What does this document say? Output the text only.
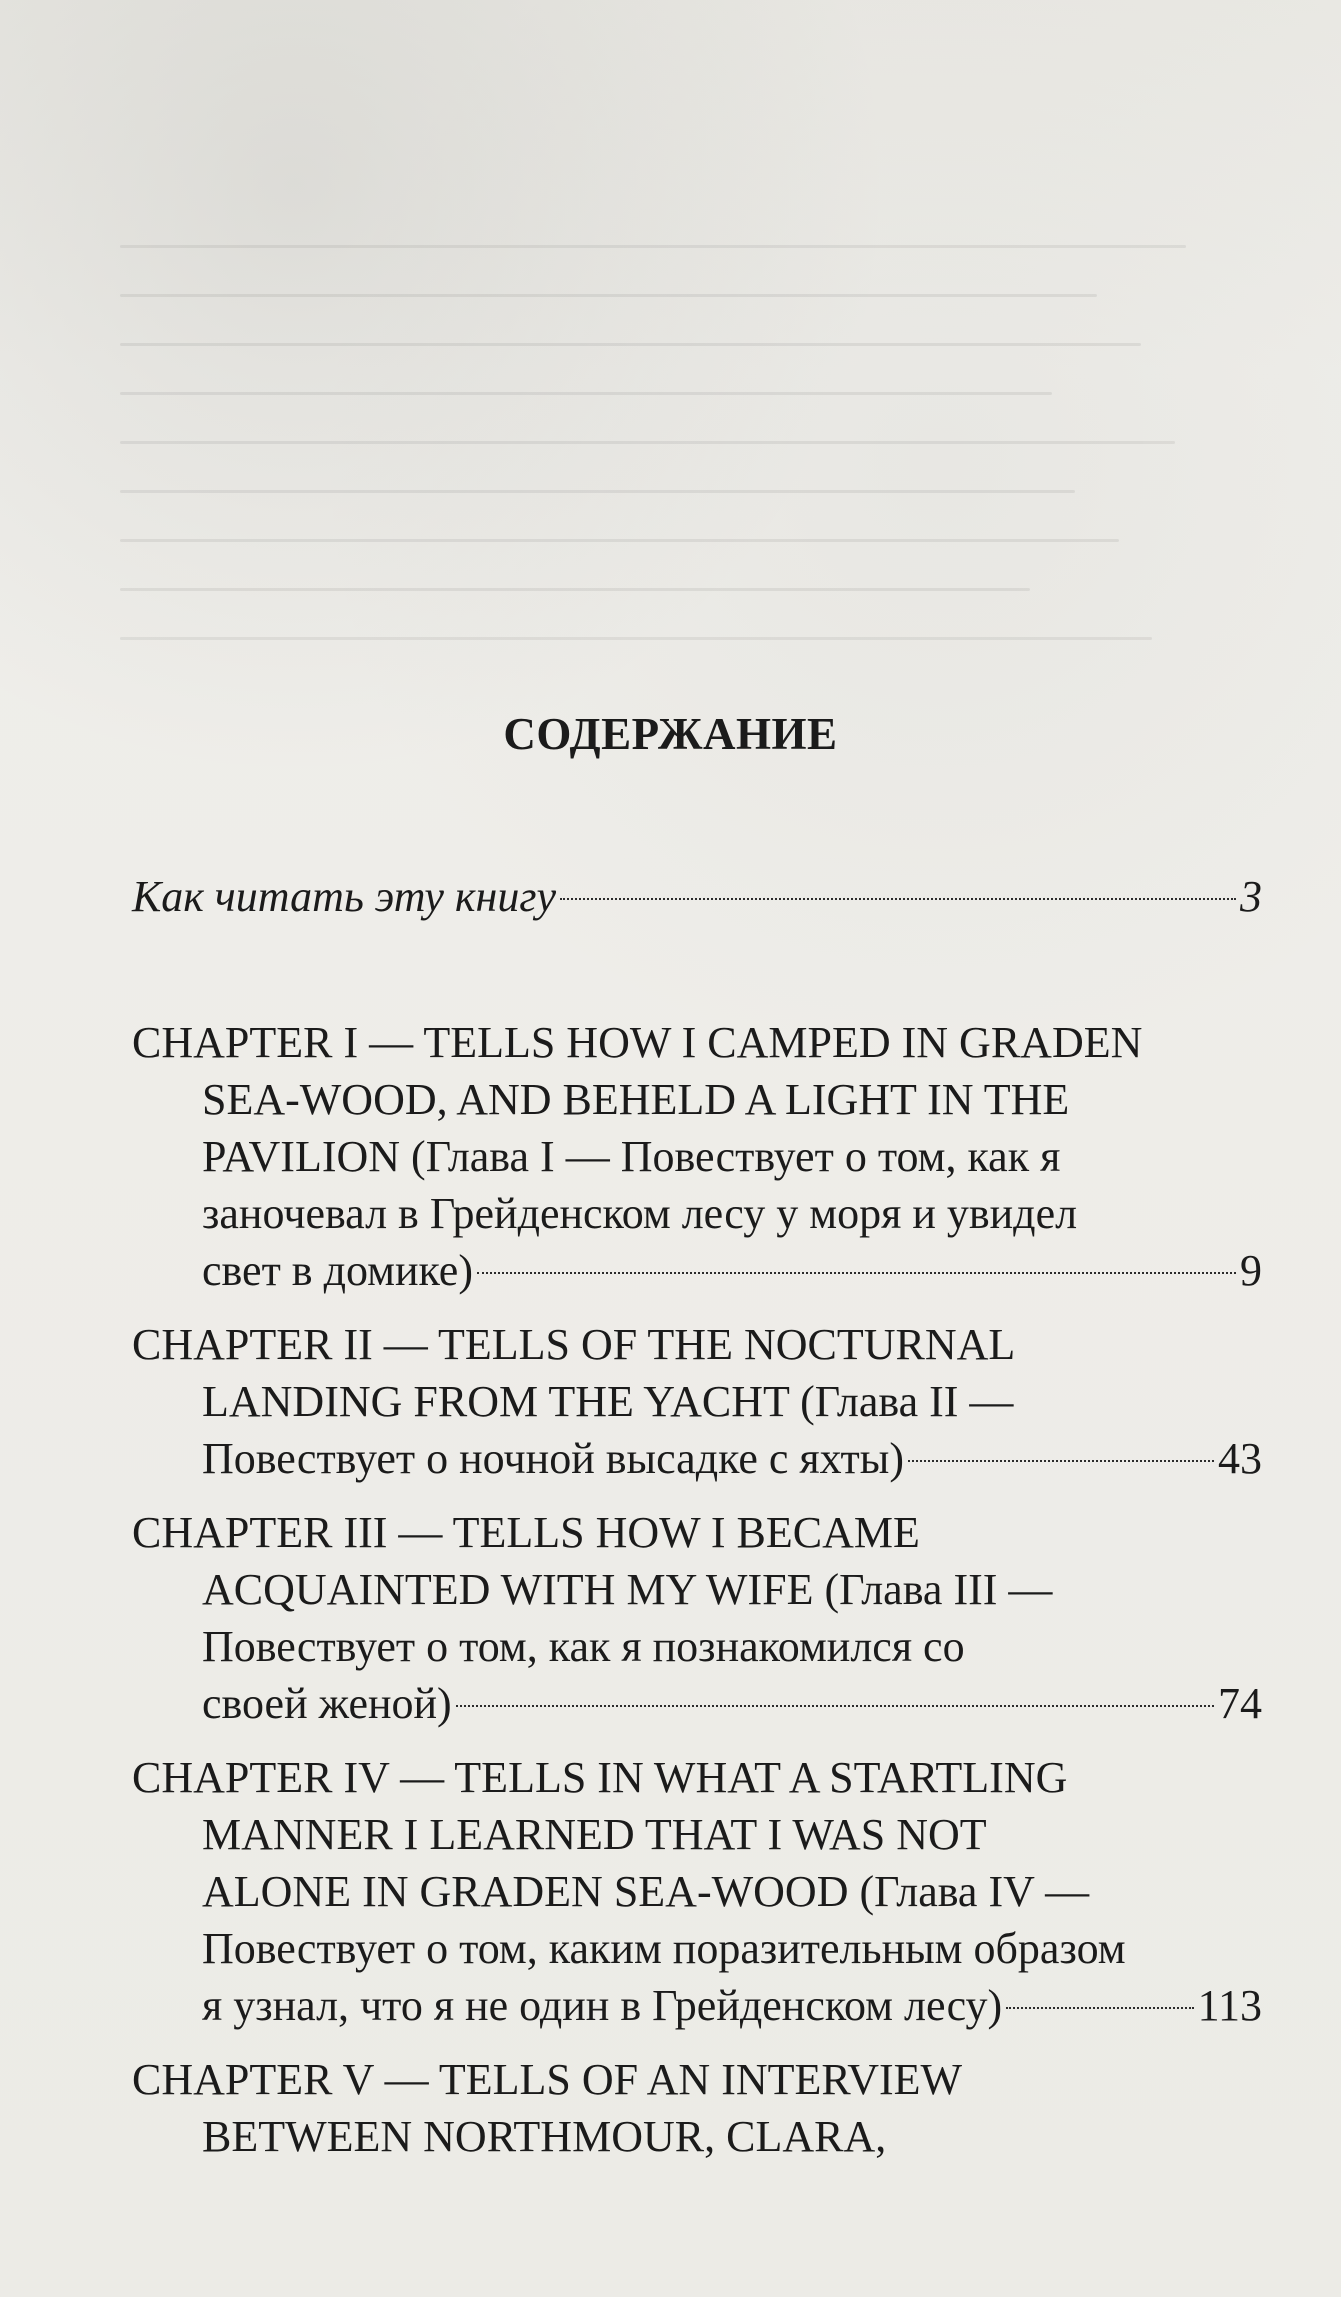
СОДЕРЖАНИЕ
Как читать эту книгу	3
CHAPTER I — TELLS HOW I CAMPED IN GRADEN
SEA-WOOD, AND BEHELD A LIGHT IN THE
PAVILION (Глава I — Повествует о том, как я
заночевал в Грейденском лесу у моря и увидел
свет в домике)	9
CHAPTER II — TELLS OF THE NOCTURNAL
LANDING FROM THE YACHT (Глава II —
Повествует о ночной высадке с яхты)	43
CHAPTER III — TELLS HOW I BECAME
ACQUAINTED WITH MY WIFE (Глава III —
Повествует о том, как я познакомился со
своей женой)	74
CHAPTER IV — TELLS IN WHAT A STARTLING
MANNER I LEARNED THAT I WAS NOT
ALONE IN GRADEN SEA-WOOD (Глава IV —
Повествует о том, каким поразительным образом
я узнал, что я не один в Грейденском лесу)	113
CHAPTER V — TELLS OF AN INTERVIEW
BETWEEN NORTHMOUR, CLARA,
